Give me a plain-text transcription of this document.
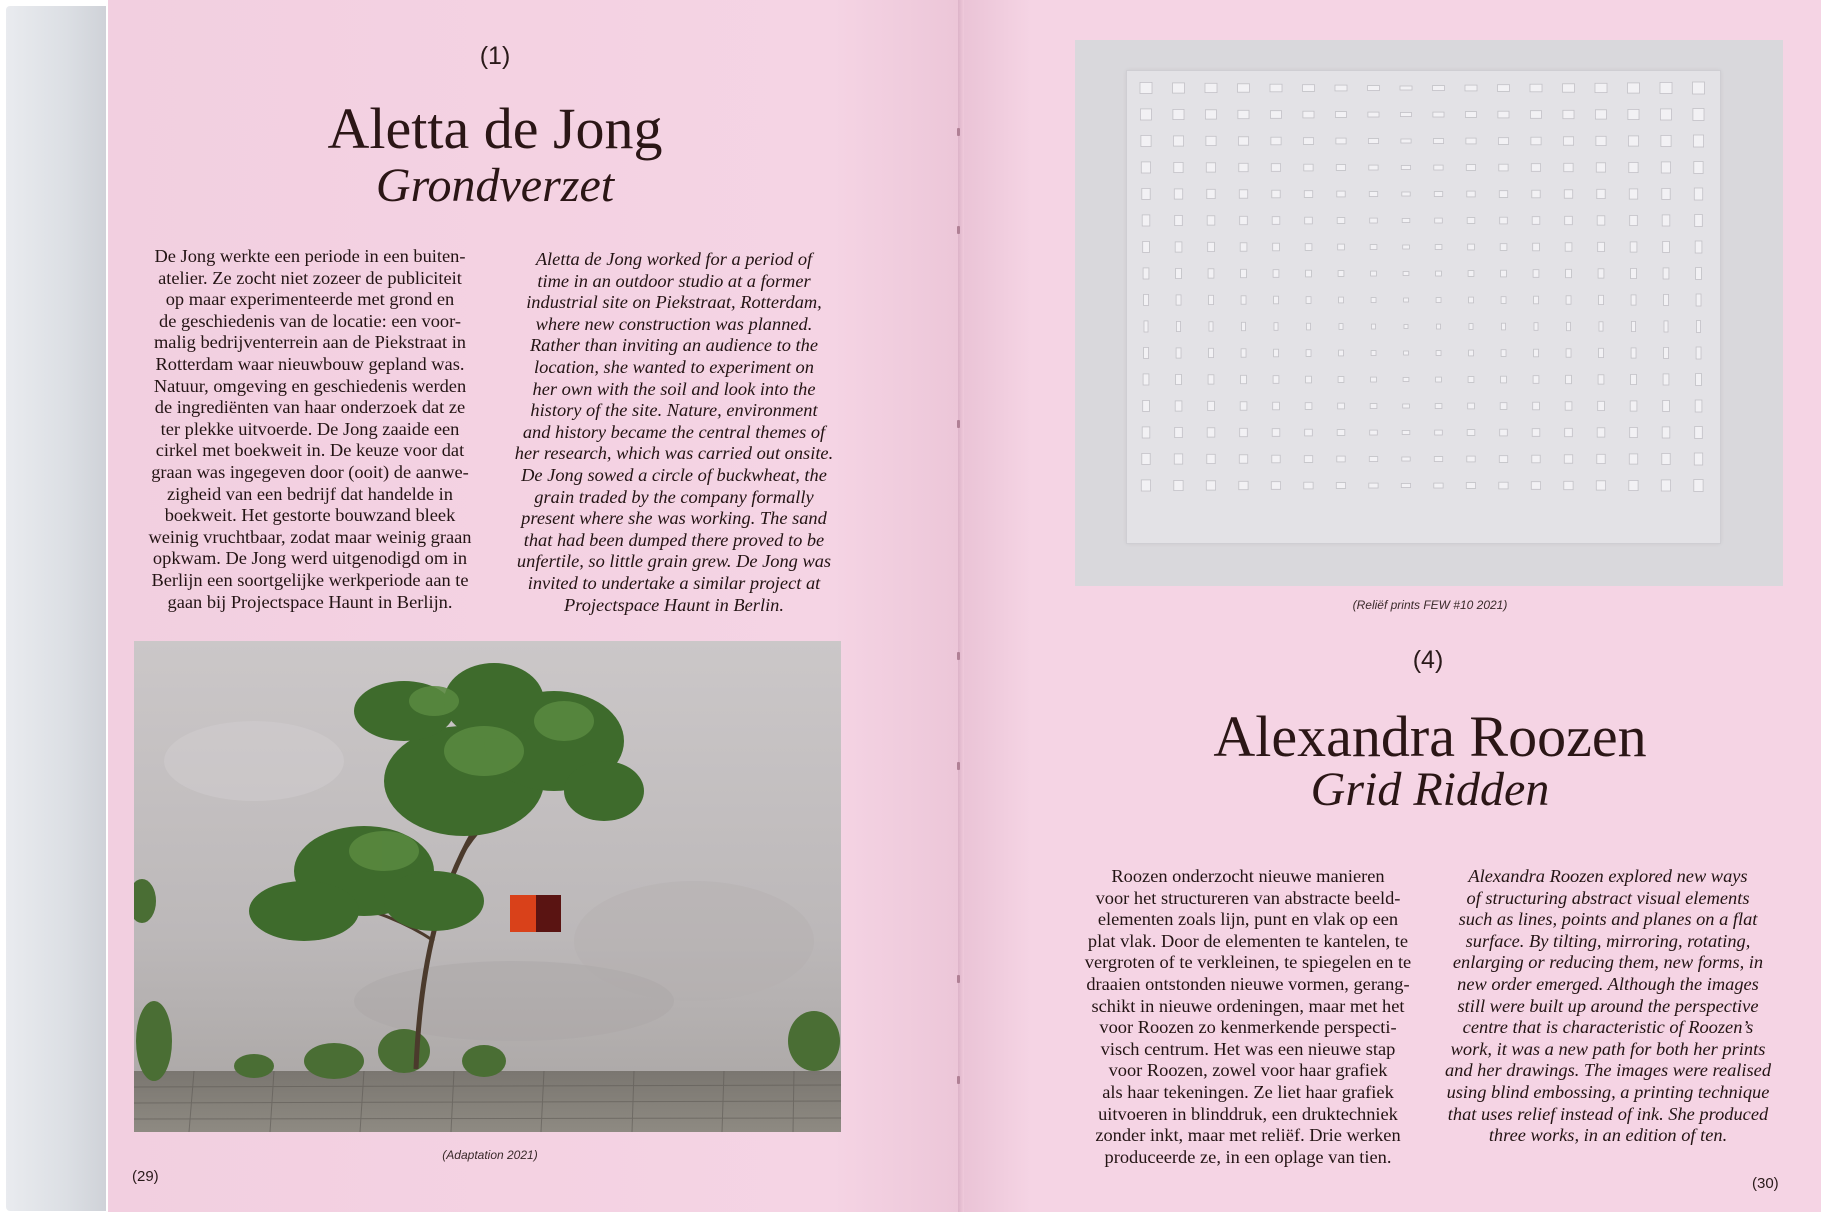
(1)
Aletta de Jong
Grondverzet

De Jong werkte een periode in een buiten-
atelier. Ze zocht niet zozeer de publiciteit
op maar experimenteerde met grond en
de geschiedenis van de locatie: een voor-
malig bedrijventerrein aan de Piekstraat in
Rotterdam waar nieuwbouw gepland was.
Natuur, omgeving en geschiedenis werden
de ingrediënten van haar onderzoek dat ze
ter plekke uitvoerde. De Jong zaaide een
cirkel met boekweit in. De keuze voor dat
graan was ingegeven door (ooit) de aanwe-
zigheid van een bedrijf dat handelde in
boekweit. Het gestorte bouwzand bleek
weinig vruchtbaar, zodat maar weinig graan
opkwam. De Jong werd uitgenodigd om in
Berlijn een soortgelijke werkperiode aan te
gaan bij Projectspace Haunt in Berlijn.

Aletta de Jong worked for a period of
time in an outdoor studio at a former
industrial site on Piekstraat, Rotterdam,
where new construction was planned.
Rather than inviting an audience to the
location, she wanted to experiment on
her own with the soil and look into the
history of the site. Nature, environment
and history became the central themes of
her research, which was carried out onsite.
De Jong sowed a circle of buckwheat, the
grain traded by the company formally
present where she was working. The sand
that had been dumped there proved to be
unfertile, so little grain grew. De Jong was
invited to undertake a similar project at
Projectspace Haunt in Berlin.

(Adaptation 2021)
(29)
(Reliëf prints FEW #10 2021)
(4)
Alexandra Roozen
Grid Ridden

Roozen onderzocht nieuwe manieren
voor het structureren van abstracte beeld-
elementen zoals lijn, punt en vlak op een
plat vlak. Door de elementen te kantelen, te
vergroten of te verkleinen, te spiegelen en te
draaien ontstonden nieuwe vormen, gerang-
schikt in nieuwe ordeningen, maar met het
voor Roozen zo kenmerkende perspecti-
visch centrum. Het was een nieuwe stap
voor Roozen, zowel voor haar grafiek
als haar tekeningen. Ze liet haar grafiek
uitvoeren in blinddruk, een druktechniek
zonder inkt, maar met reliëf. Drie werken
produceerde ze, in een oplage van tien.

Alexandra Roozen explored new ways
of structuring abstract visual elements
such as lines, points and planes on a flat
surface. By tilting, mirroring, rotating,
enlarging or reducing them, new forms, in
new order emerged. Although the images
still were built up around the perspective
centre that is characteristic of Roozen’s
work, it was a new path for both her prints
and her drawings. The images were realised
using blind embossing, a printing technique
that uses relief instead of ink. She produced
three works, in an edition of ten.

(30)
